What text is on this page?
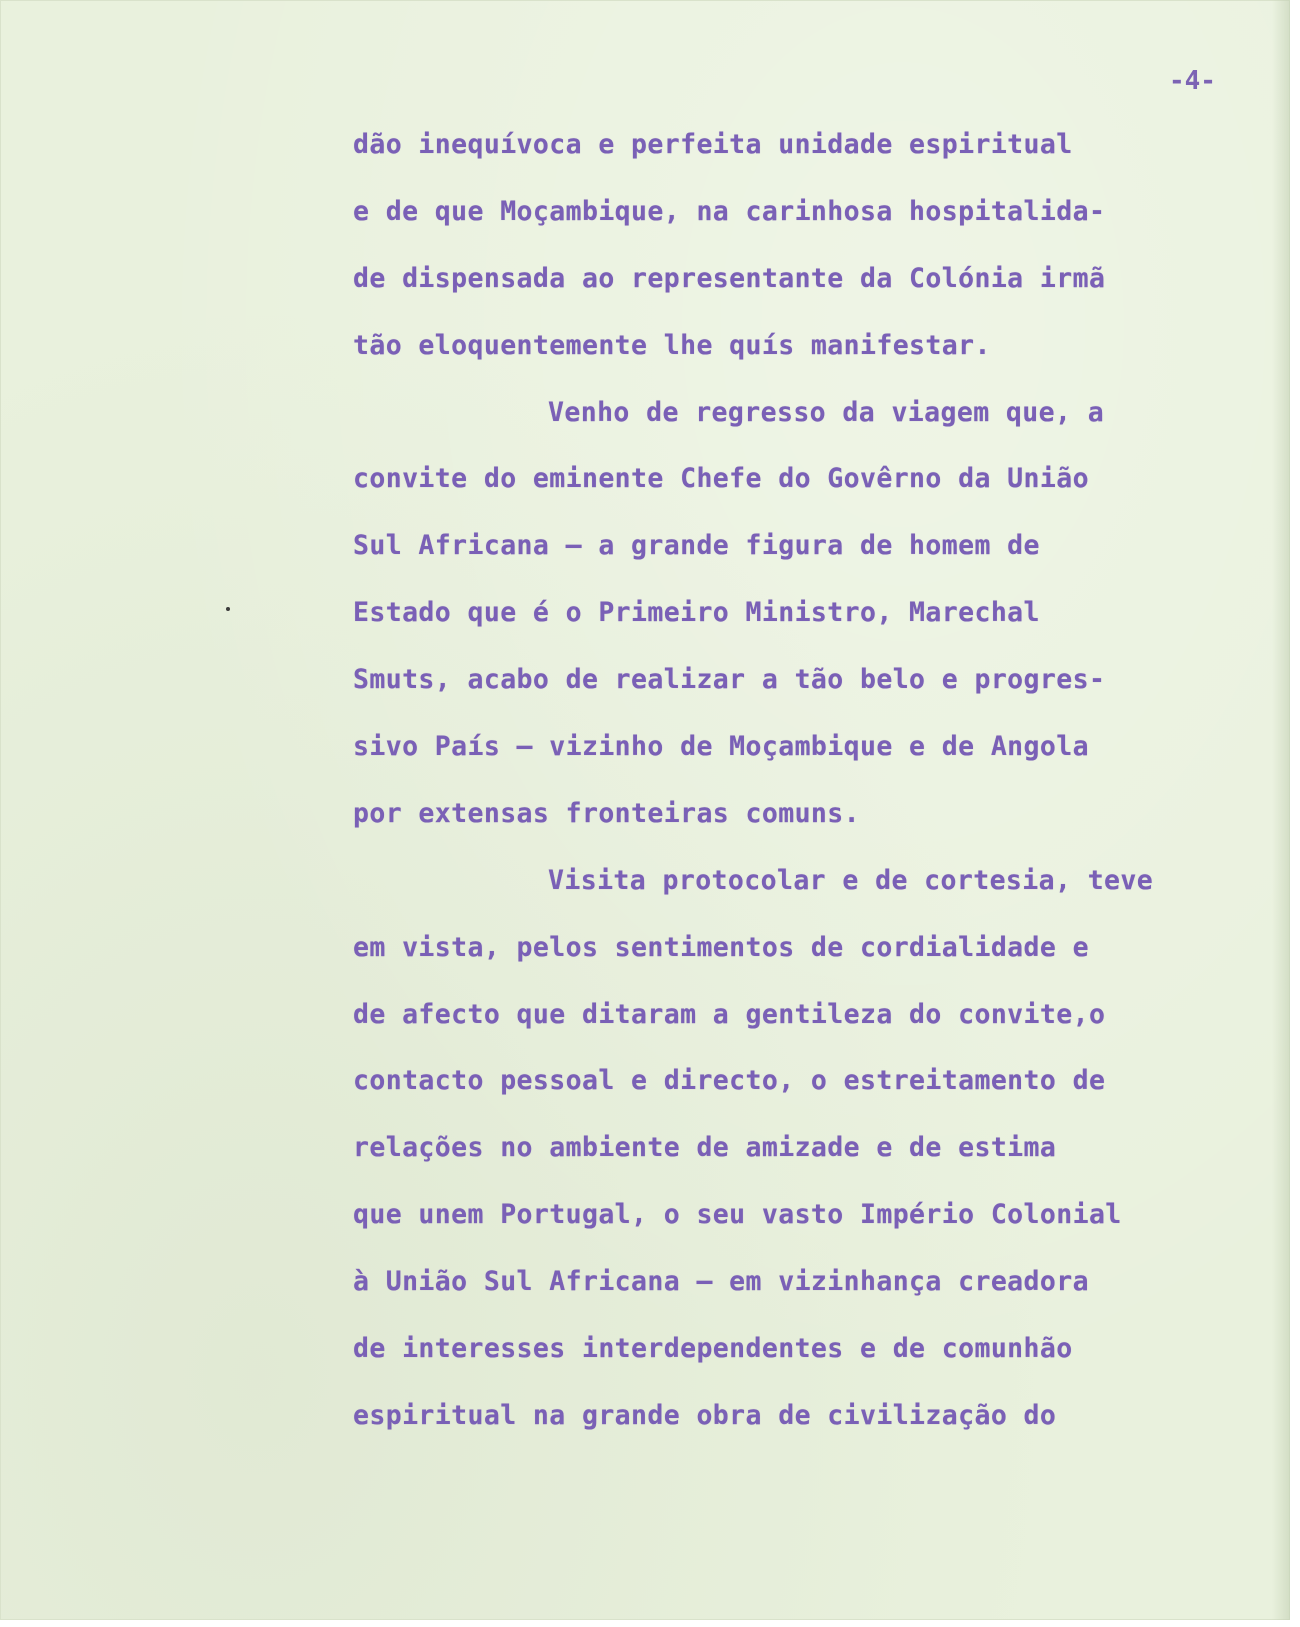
-4-
dão inequívoca e perfeita unidade espiritual
e de que Moçambique, na carinhosa hospitalida-
de dispensada ao representante da Colónia irmã
tão eloquentemente lhe quís manifestar.
Venho de regresso da viagem que, a
convite do eminente Chefe do Govêrno da União
Sul Africana — a grande figura de homem de
Estado que é o Primeiro Ministro, Marechal
Smuts, acabo de realizar a tão belo e progres-
sivo País — vizinho de Moçambique e de Angola
por extensas fronteiras comuns.
Visita protocolar e de cortesia, teve
em vista, pelos sentimentos de cordialidade e
de afecto que ditaram a gentileza do convite,o
contacto pessoal e directo, o estreitamento de
relações no ambiente de amizade e de estima
que unem Portugal, o seu vasto Império Colonial
à União Sul Africana — em vizinhança creadora
de interesses interdependentes e de comunhão
espiritual na grande obra de civilização do
